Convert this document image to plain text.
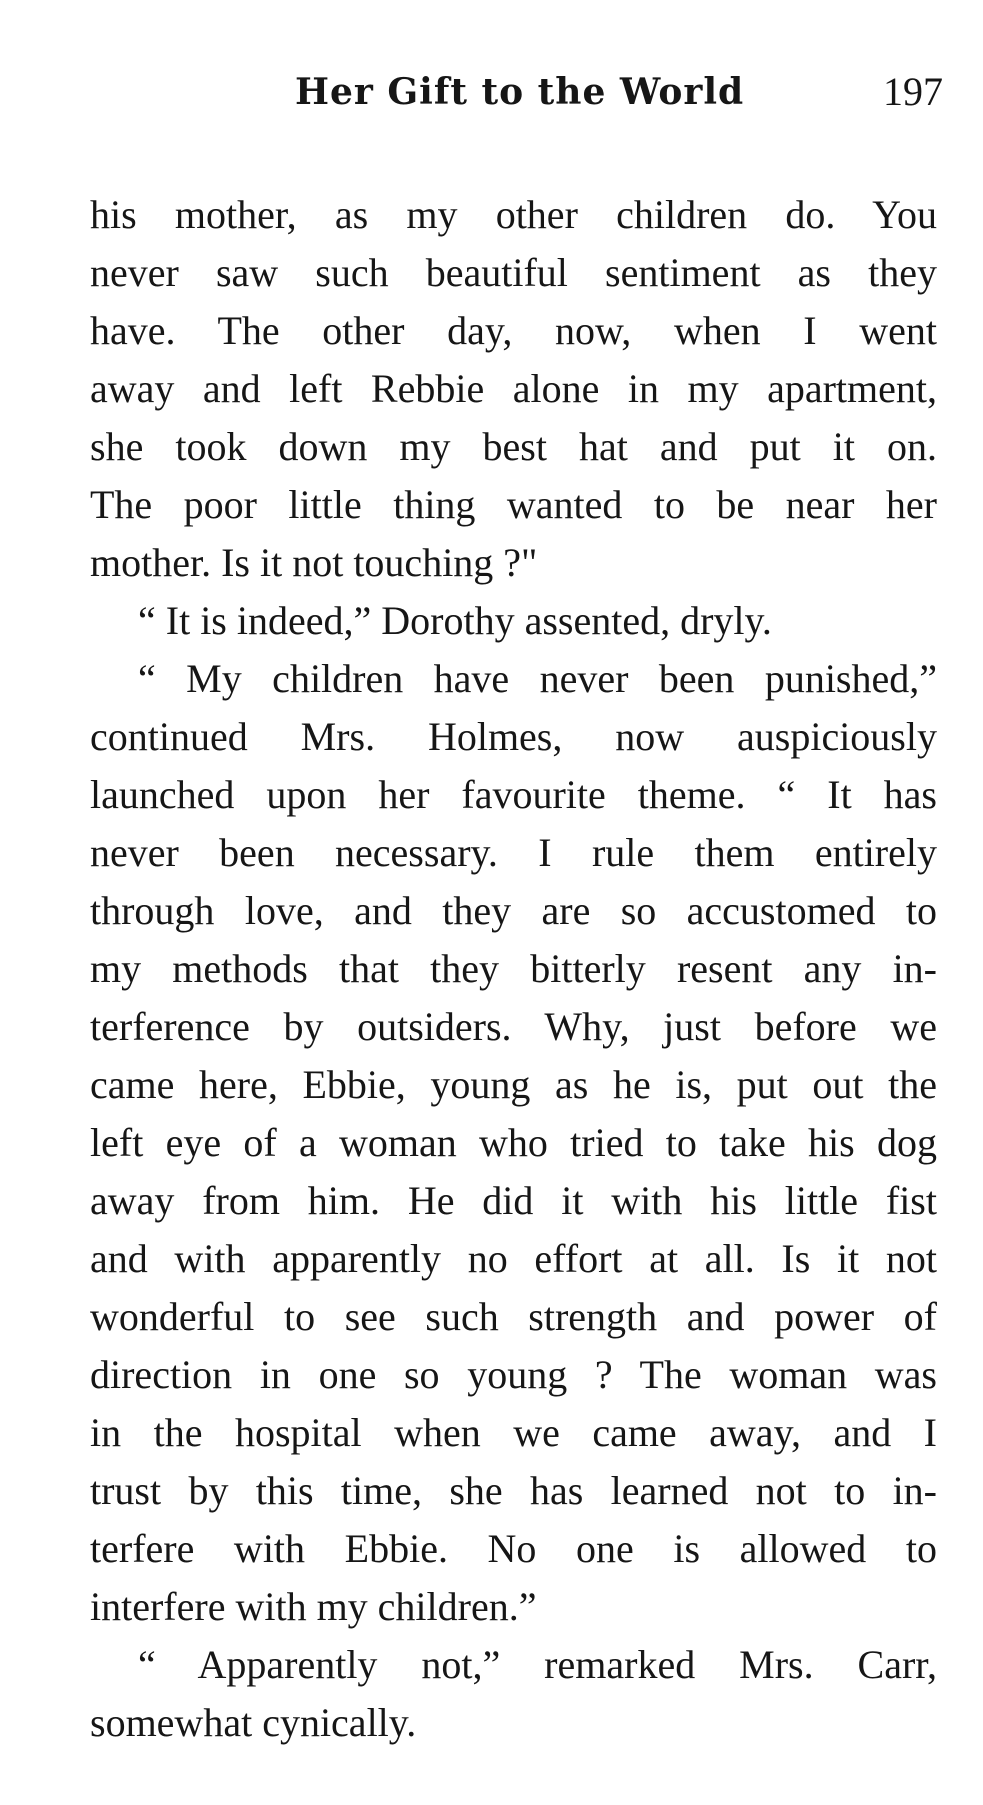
Her Gift to the World	197
his mother, as my other children do. You
never saw such beautiful sentiment as they
have. The other day, now, when I went
away and left Rebbie alone in my apartment,
she took down my best hat and put it on.
The poor little thing wanted to be near her
mother. Is it not touching ?"
“ It is indeed,” Dorothy assented, dryly.
“ My children have never been punished,”
continued Mrs. Holmes, now auspiciously
launched upon her favourite theme. “ It has
never been necessary. I rule them entirely
through love, and they are so accustomed to
my methods that they bitterly resent any in-
terference by outsiders. Why, just before we
came here, Ebbie, young as he is, put out the
left eye of a woman who tried to take his dog
away from him. He did it with his little fist
and with apparently no effort at all. Is it not
wonderful to see such strength and power of
direction in one so young ? The woman was
in the hospital when we came away, and I
trust by this time, she has learned not to in-
terfere with Ebbie. No one is allowed to
interfere with my children.”
“ Apparently not,” remarked Mrs. Carr,
somewhat cynically.
